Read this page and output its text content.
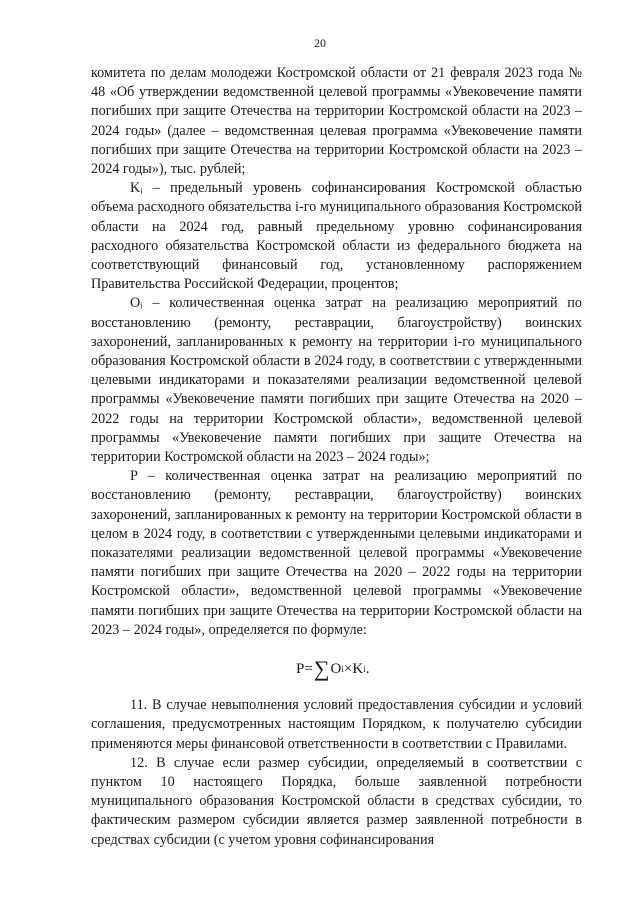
20

комитета по делам молодежи Костромской области от 21 февраля 2023 года № 48 «Об утверждении ведомственной целевой программы «Увековечение памяти погибших при защите Отечества на территории Костромской области на 2023 – 2024 годы» (далее – ведомственная целевая программа «Увековечение памяти погибших при защите Отечества на территории Костромской области на 2023 – 2024 годы»), тыс. рублей;

Kᵢ – предельный уровень софинансирования Костромской областью объема расходного обязательства i-го муниципального образования Костромской области на 2024 год, равный предельному уровню софинансирования расходного обязательства Костромской области из федерального бюджета на соответствующий финансовый год, установленному распоряжением Правительства Российской Федерации, процентов;

Oᵢ – количественная оценка затрат на реализацию мероприятий по восстановлению (ремонту, реставрации, благоустройству) воинских захоронений, запланированных к ремонту на территории i-го муниципального образования Костромской области в 2024 году, в соответствии с утвержденными целевыми индикаторами и показателями реализации ведомственной целевой программы «Увековечение памяти погибших при защите Отечества на 2020 – 2022 годы на территории Костромской области», ведомственной целевой программы «Увековечение памяти погибших при защите Отечества на территории Костромской области на 2023 – 2024 годы»;

P – количественная оценка затрат на реализацию мероприятий по восстановлению (ремонту, реставрации, благоустройству) воинских захоронений, запланированных к ремонту на территории Костромской области в целом в 2024 году, в соответствии с утвержденными целевыми индикаторами и показателями реализации ведомственной целевой программы «Увековечение памяти погибших при защите Отечества на 2020 – 2022 годы на территории Костромской области», ведомственной целевой программы «Увековечение памяти погибших при защите Отечества на территории Костромской области на 2023 – 2024 годы», определяется по формуле:

P = ∑ O i × K i .

11. В случае невыполнения условий предоставления субсидии и условий соглашения, предусмотренных настоящим Порядком, к получателю субсидии применяются меры финансовой ответственности в соответствии с Правилами.

12. В случае если размер субсидии, определяемый в соответствии с пунктом 10 настоящего Порядка, больше заявленной потребности муниципального образования Костромской области в средствах субсидии, то фактическим размером субсидии является размер заявленной потребности в средствах субсидии (с учетом уровня софинансирования
